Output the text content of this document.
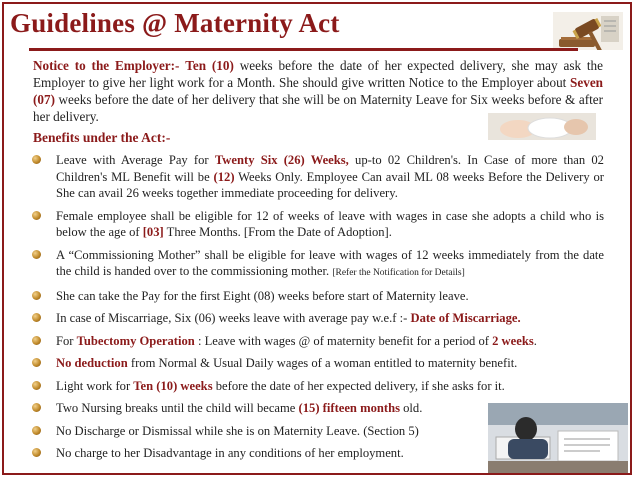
Guidelines @ Maternity Act
Notice to the Employer:- Ten (10) weeks before the date of her expected delivery, she may ask the Employer to give her light work for a Month. She should give written Notice to the Employer about Seven (07) weeks before the date of her delivery that she will be on Maternity Leave for Six weeks before & after her delivery.
Benefits under the Act:-
Leave with Average Pay for Twenty Six (26) Weeks, up-to 02 Children's. In Case of more than 02 Children's ML Benefit will be (12) Weeks Only. Employee Can avail ML 08 weeks Before the Delivery or She can avail 26 weeks together immediate proceeding for delivery.
Female employee shall be eligible for 12 of weeks of leave with wages in case she adopts a child who is below the age of [03] Three Months. [From the Date of Adoption].
A “Commissioning Mother” shall be eligible for leave with wages of 12 weeks immediately from the date the child is handed over to the commissioning mother. [Refer the Notification for Details]
She can take the Pay for the first Eight (08) weeks before start of Maternity leave.
In case of Miscarriage, Six (06) weeks leave with average pay w.e.f :- Date of Miscarriage.
For Tubectomy Operation : Leave with wages @ of maternity benefit for a period of 2 weeks.
No deduction from Normal & Usual Daily wages of a woman entitled to maternity benefit.
Light work for Ten (10) weeks before the date of her expected delivery, if she asks for it.
Two Nursing breaks until the child will became (15) fifteen months old.
No Discharge or Dismissal while she is on Maternity Leave. (Section 5)
No charge to her Disadvantage in any conditions of her employment.
